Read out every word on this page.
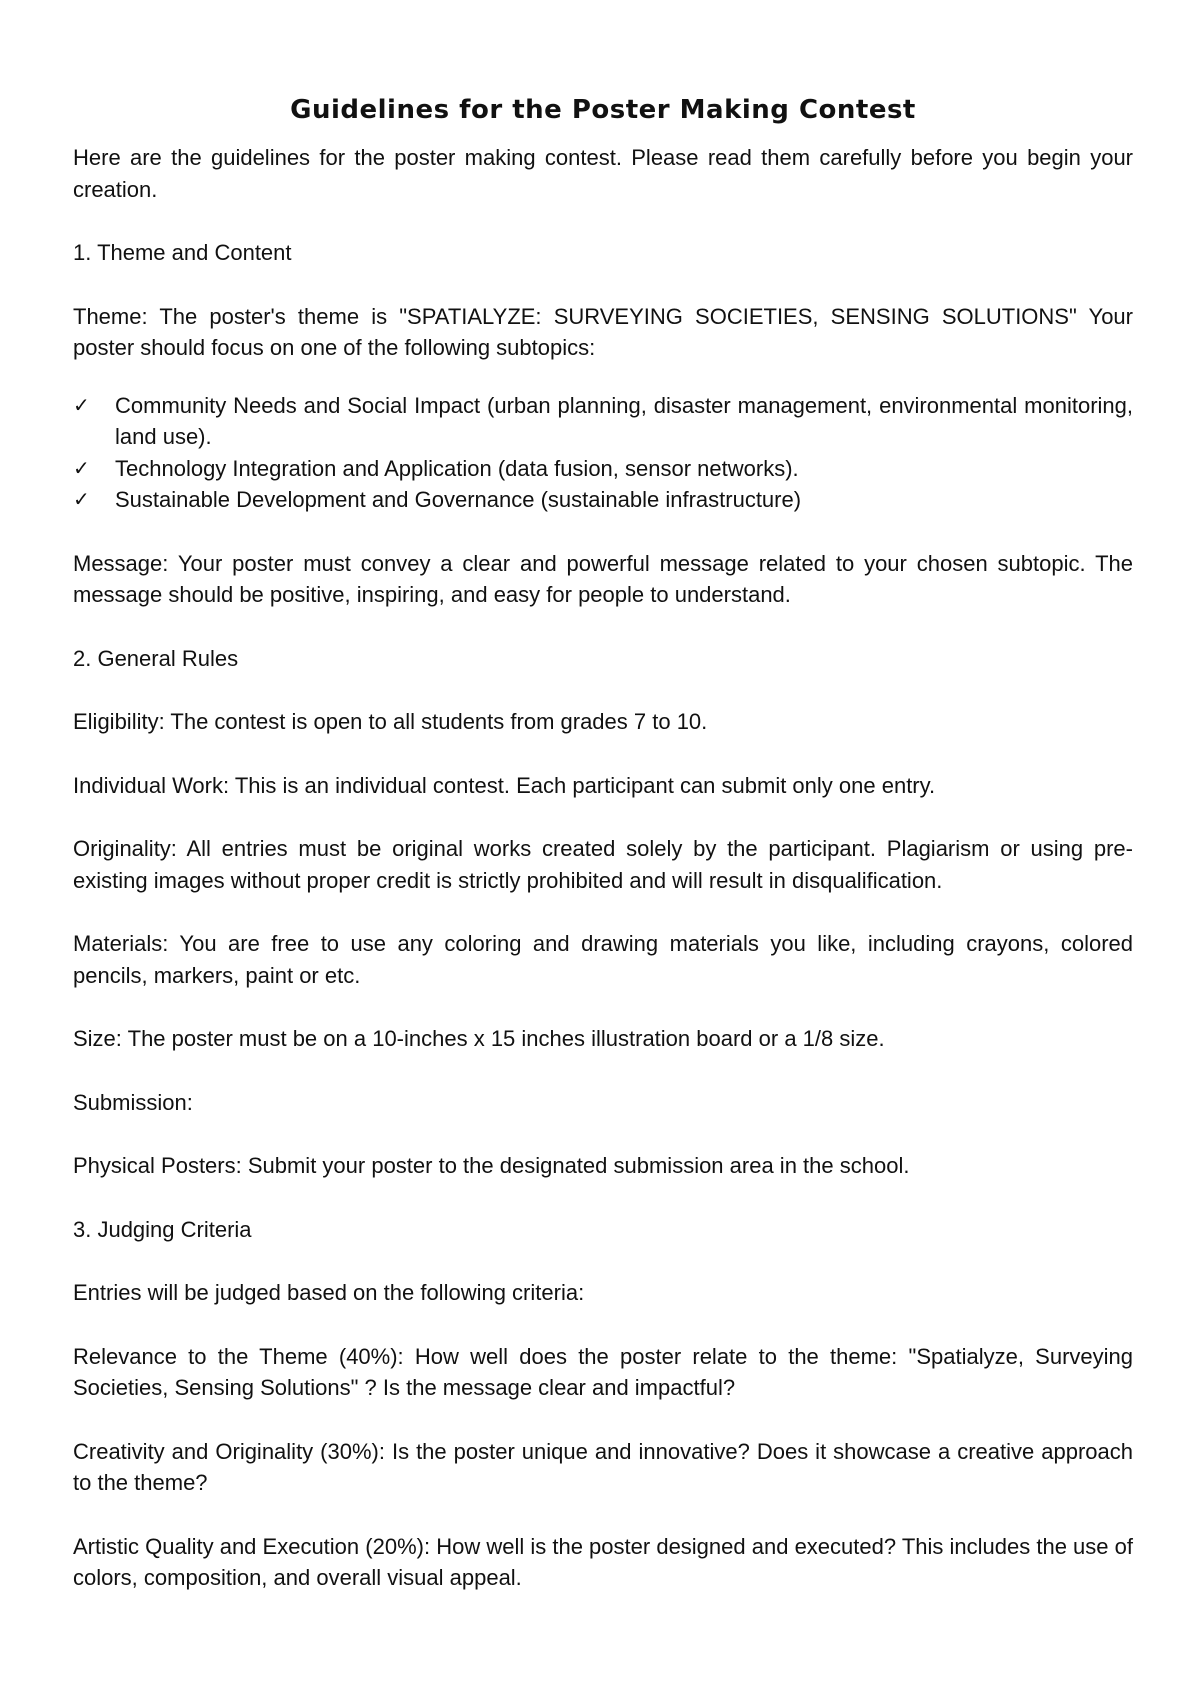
Guidelines for the Poster Making Contest

Here are the guidelines for the poster making contest. Please read them carefully before you begin your creation.

1. Theme and Content

Theme: The poster's theme is "SPATIALYZE: SURVEYING SOCIETIES, SENSING SOLUTIONS" Your poster should focus on one of the following subtopics:

✓	Community Needs and Social Impact (urban planning, disaster management, environmental monitoring, land use).
✓	Technology Integration and Application (data fusion, sensor networks).
✓	Sustainable Development and Governance (sustainable infrastructure)

Message: Your poster must convey a clear and powerful message related to your chosen subtopic. The message should be positive, inspiring, and easy for people to understand.

2. General Rules

Eligibility: The contest is open to all students from grades 7 to 10.

Individual Work: This is an individual contest. Each participant can submit only one entry.

Originality: All entries must be original works created solely by the participant. Plagiarism or using pre-existing images without proper credit is strictly prohibited and will result in disqualification.

Materials: You are free to use any coloring and drawing materials you like, including crayons, colored pencils, markers, paint or etc.

Size: The poster must be on a 10-inches x 15 inches illustration board or a 1/8 size.

Submission:

Physical Posters: Submit your poster to the designated submission area in the school.

3. Judging Criteria

Entries will be judged based on the following criteria:

Relevance to the Theme (40%): How well does the poster relate to the theme: "Spatialyze, Surveying Societies, Sensing Solutions" ? Is the message clear and impactful?

Creativity and Originality (30%): Is the poster unique and innovative? Does it showcase a creative approach to the theme?

Artistic Quality and Execution (20%): How well is the poster designed and executed? This includes the use of colors, composition, and overall visual appeal.
